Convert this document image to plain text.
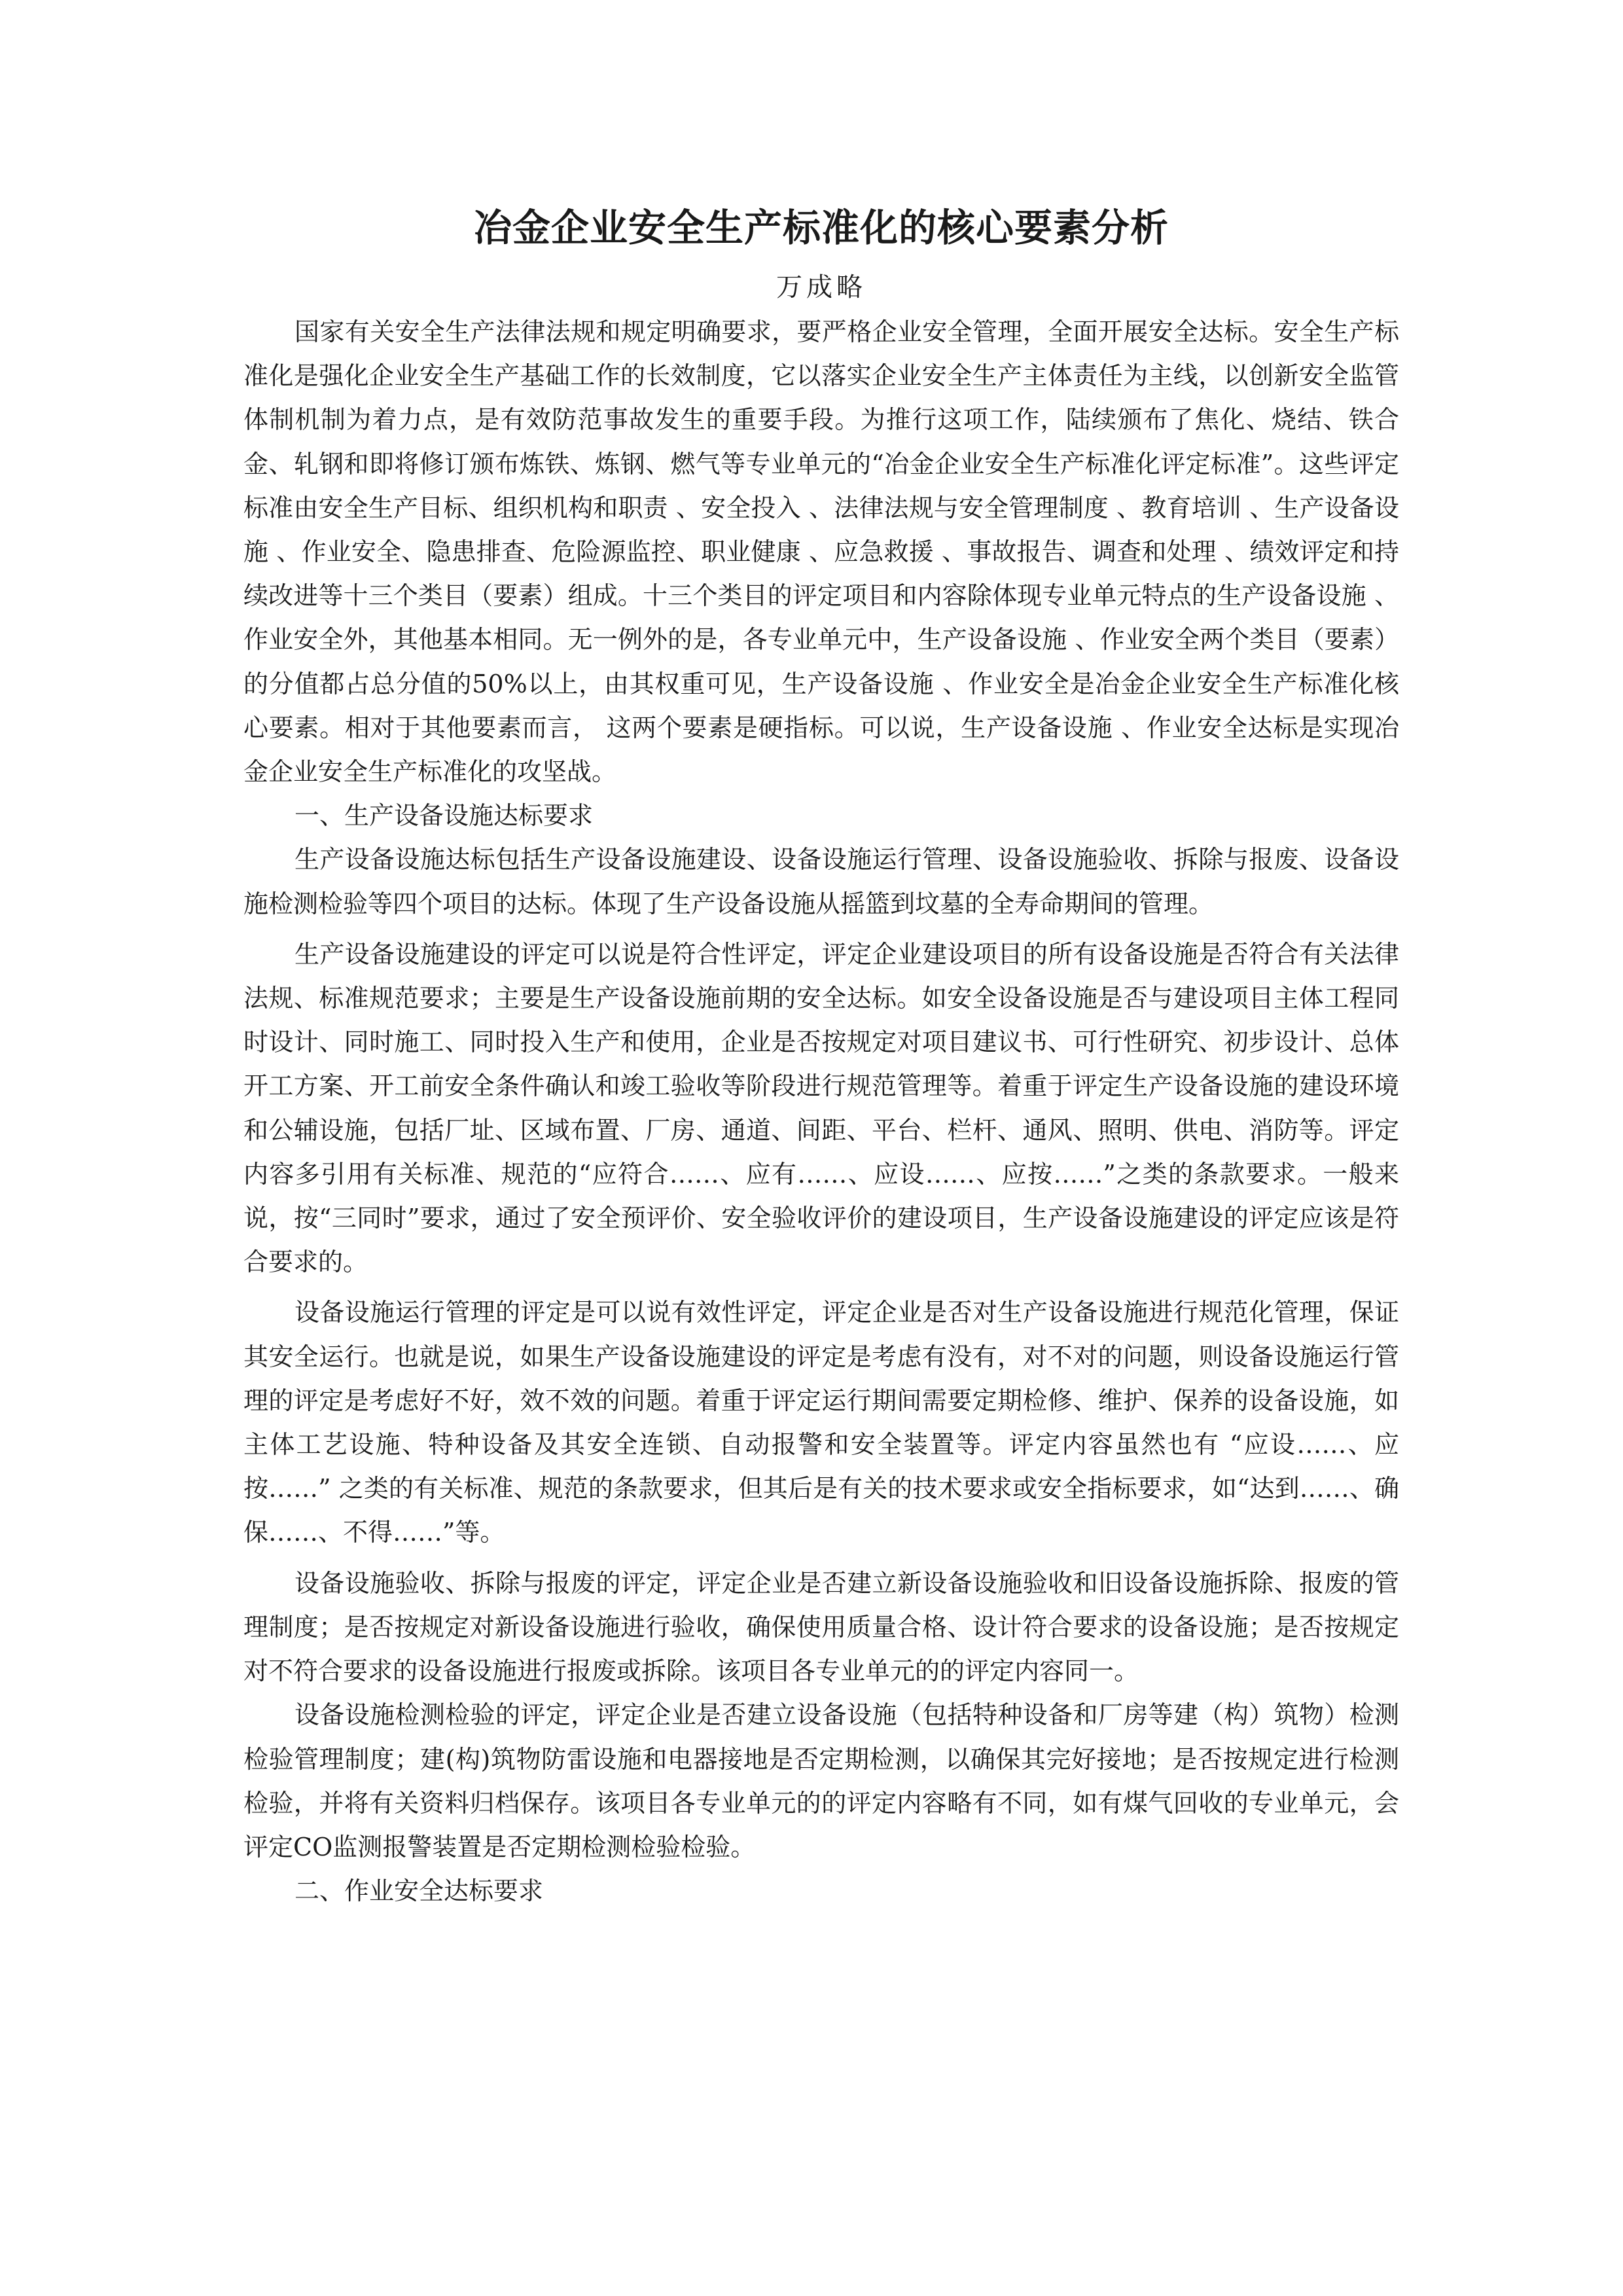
冶金企业安全生产标准化的核心要素分析
万成略

国家有关安全生产法律法规和规定明确要求，要严格企业安全管理，全面开展安全达标。安全生产标准化是强化企业安全生产基础工作的长效制度，它以落实企业安全生产主体责任为主线，以创新安全监管体制机制为着力点，是有效防范事故发生的重要手段。为推行这项工作，陆续颁布了焦化、烧结、铁合金、轧钢和即将修订颁布炼铁、炼钢、燃气等专业单元的“冶金企业安全生产标准化评定标准”。这些评定标准由安全生产目标、组织机构和职责 、安全投入 、法律法规与安全管理制度 、教育培训 、生产设备设施 、作业安全、隐患排查、危险源监控、职业健康 、应急救援 、事故报告、调查和处理 、绩效评定和持续改进等十三个类目（要素）组成。十三个类目的评定项目和内容除体现专业单元特点的生产设备设施 、作业安全外，其他基本相同。无一例外的是，各专业单元中，生产设备设施 、作业安全两个类目（要素）的分值都占总分值的50%以上，由其权重可见，生产设备设施 、作业安全是冶金企业安全生产标准化核心要素。相对于其他要素而言， 这两个要素是硬指标。可以说，生产设备设施 、作业安全达标是实现冶金企业安全生产标准化的攻坚战。

一、生产设备设施达标要求

生产设备设施达标包括生产设备设施建设、设备设施运行管理、设备设施验收、拆除与报废、设备设施检测检验等四个项目的达标。体现了生产设备设施从摇篮到坟墓的全寿命期间的管理。

生产设备设施建设的评定可以说是符合性评定，评定企业建设项目的所有设备设施是否符合有关法律法规、标准规范要求；主要是生产设备设施前期的安全达标。如安全设备设施是否与建设项目主体工程同时设计、同时施工、同时投入生产和使用，企业是否按规定对项目建议书、可行性研究、初步设计、总体开工方案、开工前安全条件确认和竣工验收等阶段进行规范管理等。着重于评定生产设备设施的建设环境和公辅设施，包括厂址、区域布置、厂房、通道、间距、平台、栏杆、通风、照明、供电、消防等。评定内容多引用有关标准、规范的“应符合……、应有……、应设……、应按……”之类的条款要求。一般来说，按“三同时”要求，通过了安全预评价、安全验收评价的建设项目，生产设备设施建设的评定应该是符合要求的。

设备设施运行管理的评定是可以说有效性评定，评定企业是否对生产设备设施进行规范化管理，保证其安全运行。也就是说，如果生产设备设施建设的评定是考虑有没有，对不对的问题，则设备设施运行管理的评定是考虑好不好，效不效的问题。着重于评定运行期间需要定期检修、维护、保养的设备设施，如主体工艺设施、特种设备及其安全连锁、自动报警和安全装置等。评定内容虽然也有 “应设……、应按……” 之类的有关标准、规范的条款要求，但其后是有关的技术要求或安全指标要求，如“达到……、确保……、不得……”等。

设备设施验收、拆除与报废的评定，评定企业是否建立新设备设施验收和旧设备设施拆除、报废的管理制度；是否按规定对新设备设施进行验收，确保使用质量合格、设计符合要求的设备设施；是否按规定对不符合要求的设备设施进行报废或拆除。该项目各专业单元的的评定内容同一。

设备设施检测检验的评定，评定企业是否建立设备设施（包括特种设备和厂房等建（构）筑物）检测检验管理制度；建(构)筑物防雷设施和电器接地是否定期检测，以确保其完好接地；是否按规定进行检测检验，并将有关资料归档保存。该项目各专业单元的的评定内容略有不同，如有煤气回收的专业单元，会评定CO监测报警装置是否定期检测检验检验。

二、作业安全达标要求
